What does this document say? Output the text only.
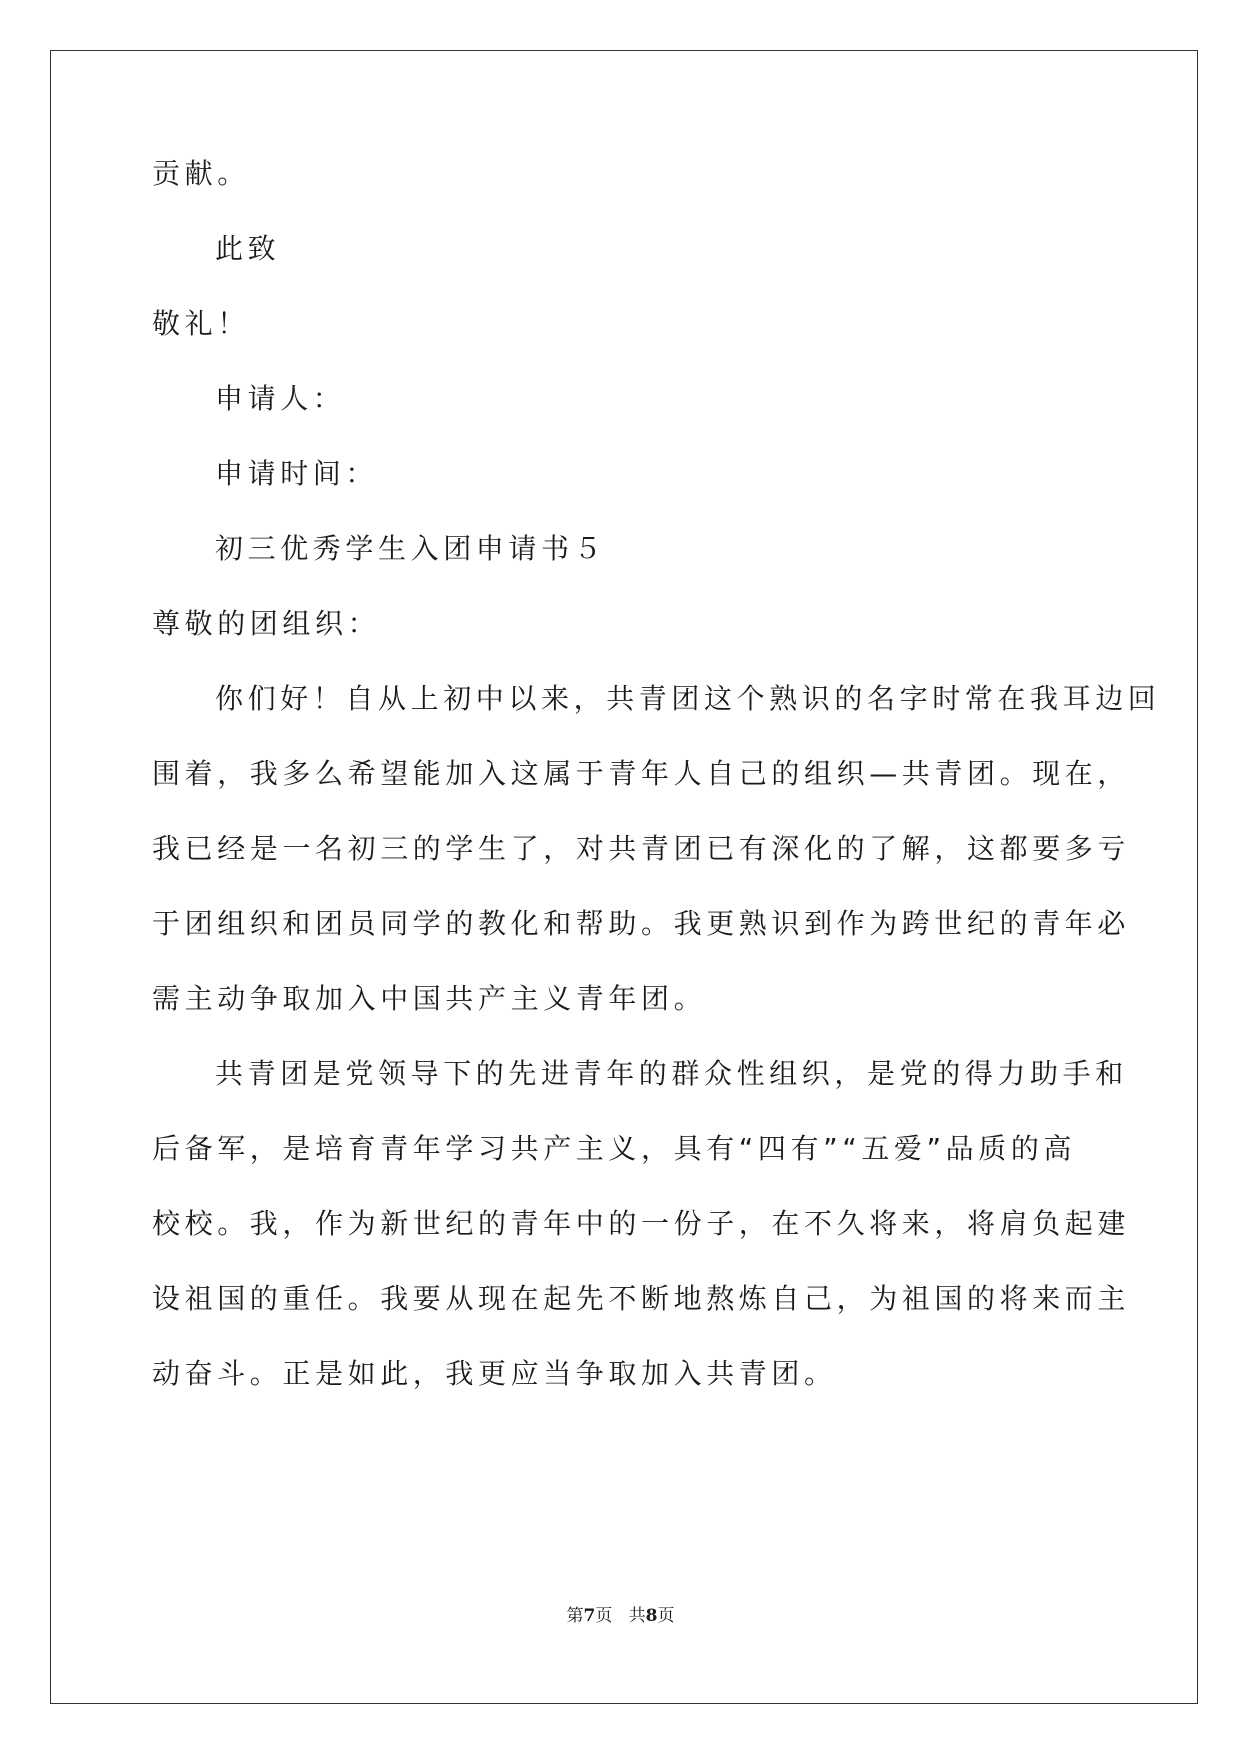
贡献。
此致
敬礼！
申请人：
申请时间：
初三优秀学生入团申请书５
尊敬的团组织：
你们好！自从上初中以来，共青团这个熟识的名字时常在我耳边回
围着，我多么希望能加入这属于青年人自己的组织—共青团。现在，
我已经是一名初三的学生了，对共青团已有深化的了解，这都要多亏
于团组织和团员同学的教化和帮助。我更熟识到作为跨世纪的青年必
需主动争取加入中国共产主义青年团。
共青团是党领导下的先进青年的群众性组织，是党的得力助手和
后备军，是培育青年学习共产主义，具有“四有”“五爱”品质的高
校校。我，作为新世纪的青年中的一份子，在不久将来，将肩负起建
设祖国的重任。我要从现在起先不断地熬炼自己，为祖国的将来而主
动奋斗。正是如此，我更应当争取加入共青团。
第7页 共8页
